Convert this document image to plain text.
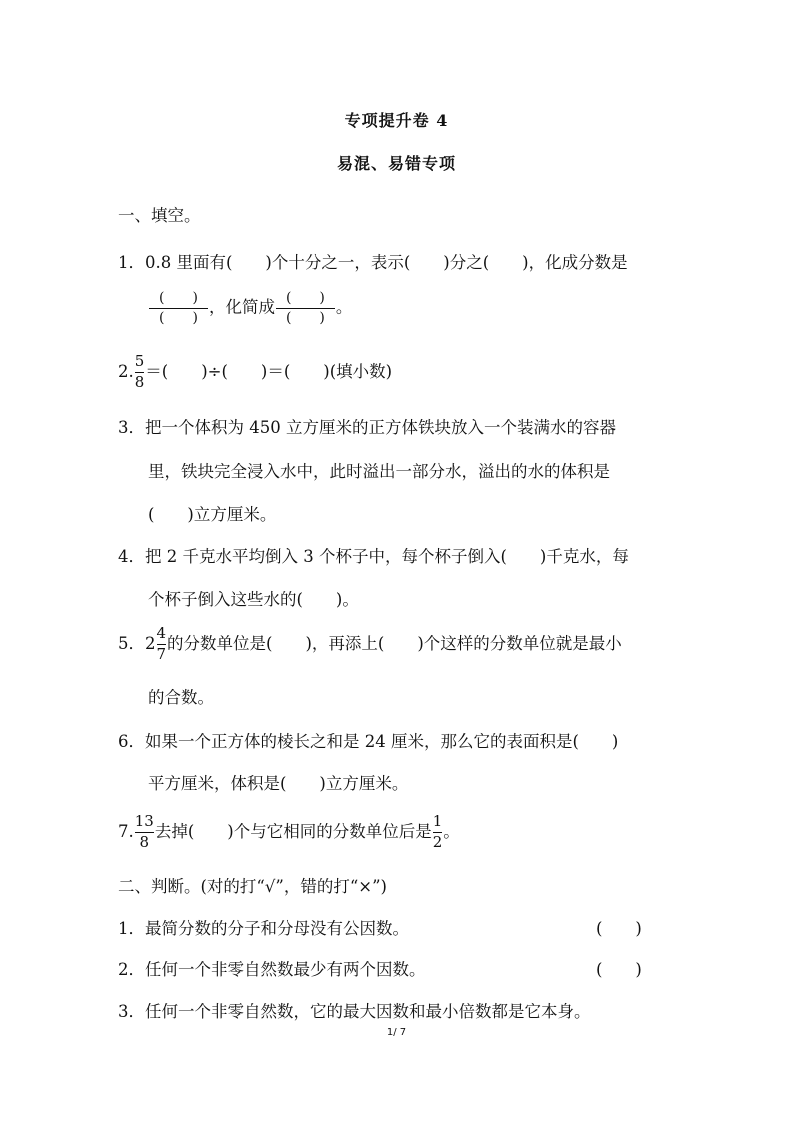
专项提升卷 4
易混、易错专项
一、填空。
1．0.8 里面有(　　)个十分之一，表示(　　)分之(　　)，化成分数是
$\frac{( )}{( )}$ ，化简成 $\frac{( )}{( )}$ 。
2. $\frac{5}{8}$ ＝(　　)÷(　　)＝(　　)(填小数)
3．把一个体积为 450 立方厘米的正方体铁块放入一个装满水的容器
里，铁块完全浸入水中，此时溢出一部分水，溢出的水的体积是
(　　)立方厘米。
4．把 2 千克水平均倒入 3 个杯子中，每个杯子倒入(　　)千克水，每
个杯子倒入这些水的(　　)。
5．$2 \frac{4}{7}$ 的分数单位是(　　)，再添上(　　)个这样的分数单位就是最小
的合数。
6．如果一个正方体的棱长之和是 24 厘米，那么它的表面积是(　　)
平方厘米，体积是(　　)立方厘米。
7. $\frac{13}{8}$ 去掉(　　)个与它相同的分数单位后是 $\frac{1}{2}$ 。
二、判断。(对的打“√”，错的打“×”)
1．最简分数的分子和分母没有公因数。	(　　)
2．任何一个非零自然数最少有两个因数。	(　　)
3．任何一个非零自然数，它的最大因数和最小倍数都是它本身。
1/ 7
